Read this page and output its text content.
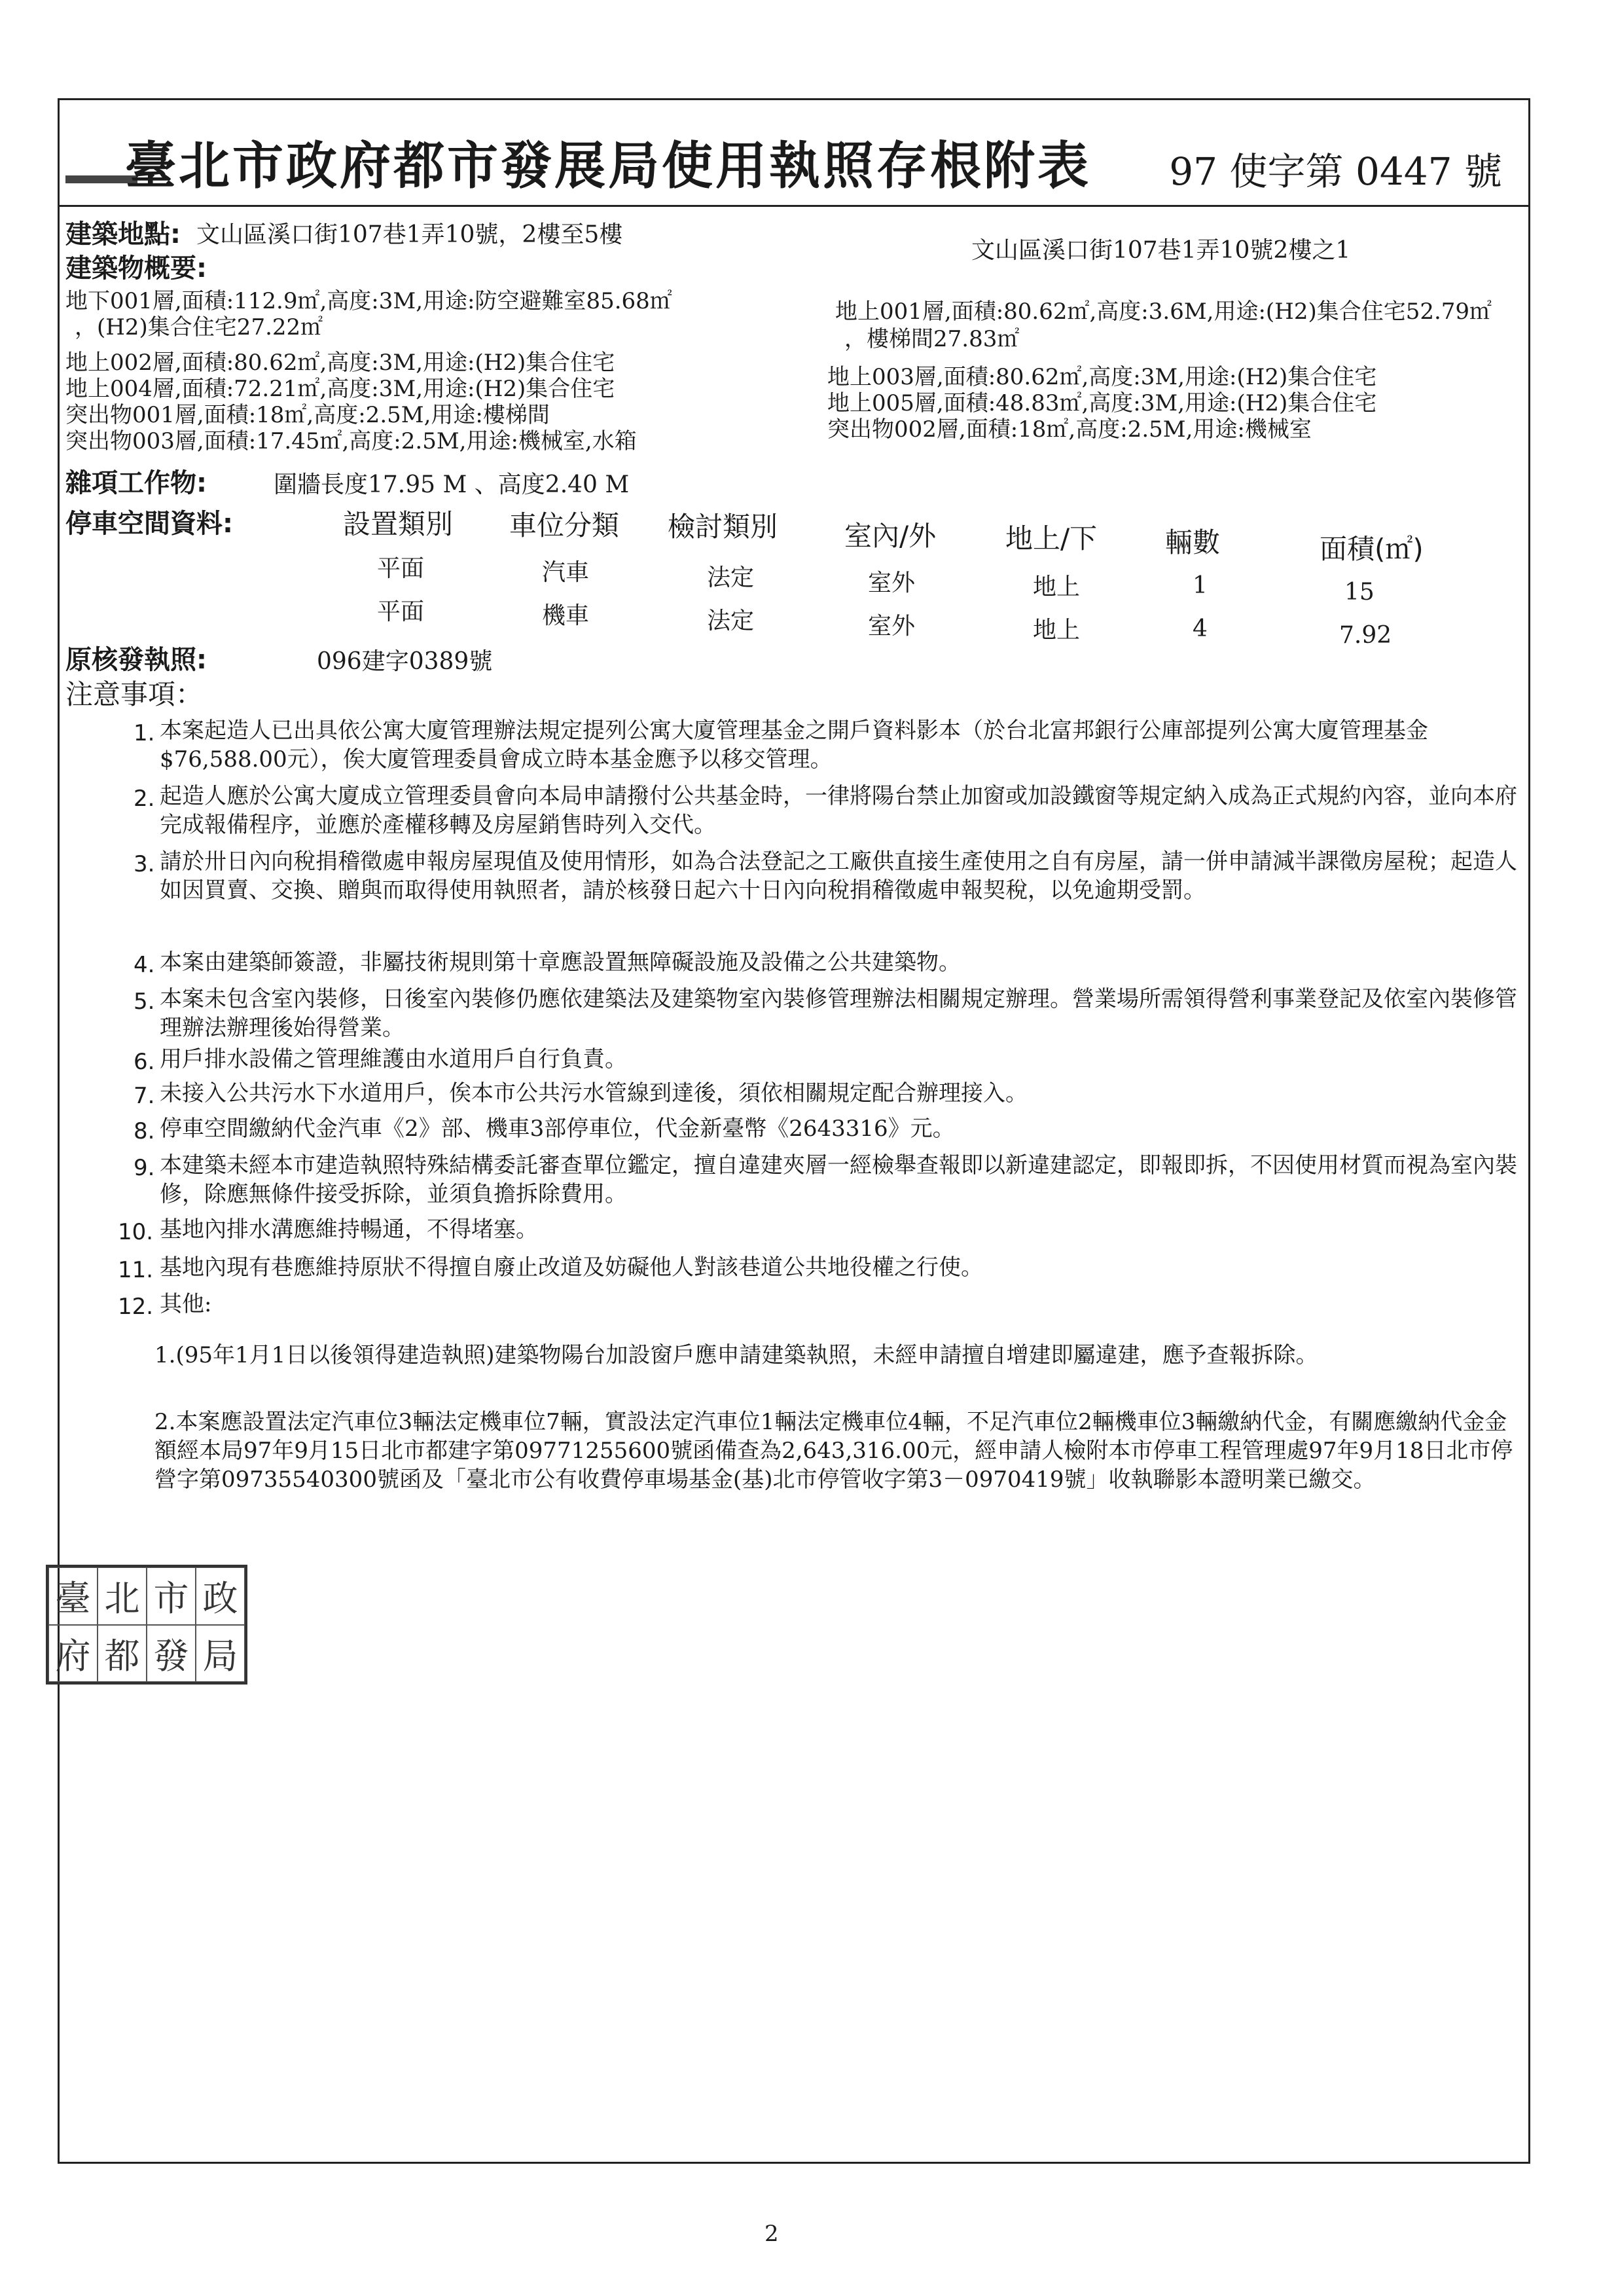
臺北市政府都市發展局使用執照存根附表 97 使字第 0447 號
建築地點: 文山區溪口街107巷1弄10號，2樓至5樓
文山區溪口街107巷1弄10號2樓之1
建築物概要:
地下001層,面積:112.9㎡,高度:3M,用途:防空避難室85.68㎡
，(H2)集合住宅27.22㎡
地上002層,面積:80.62㎡,高度:3M,用途:(H2)集合住宅
地上004層,面積:72.21㎡,高度:3M,用途:(H2)集合住宅
突出物001層,面積:18㎡,高度:2.5M,用途:樓梯間
突出物003層,面積:17.45㎡,高度:2.5M,用途:機械室,水箱
地上001層,面積:80.62㎡,高度:3.6M,用途:(H2)集合住宅52.79㎡
，樓梯間27.83㎡
地上003層,面積:80.62㎡,高度:3M,用途:(H2)集合住宅
地上005層,面積:48.83㎡,高度:3M,用途:(H2)集合住宅
突出物002層,面積:18㎡,高度:2.5M,用途:機械室
雜項工作物:	圍牆長度17.95 M 、高度2.40 M
停車空間資料:	設置類別 車位分類 檢討類別 室內/外	地上/下 輛數	面積(㎡)
平面	汽車	法定	室外	地上	1	15
平面	機車	法定	室外	地上	4	7.92
原核發執照:	096建字0389號
注意事項：
1. 本案起造人已出具依公寓大廈管理辦法規定提列公寓大廈管理基金之開戶資料影本（於台北富邦銀行公庫部提列公寓大廈管理基金$76,588.00元），俟大廈管理委員會成立時本基金應予以移交管理。
2. 起造人應於公寓大廈成立管理委員會向本局申請撥付公共基金時，一律將陽台禁止加窗或加設鐵窗等規定納入成為正式規約內容，並向本府完成報備程序，並應於產權移轉及房屋銷售時列入交代。
3. 請於卅日內向稅捐稽徵處申報房屋現值及使用情形，如為合法登記之工廠供直接生產使用之自有房屋，請一併申請減半課徵房屋稅；起造人如因買賣、交換、贈與而取得使用執照者，請於核發日起六十日內向稅捐稽徵處申報契稅，以免逾期受罰。
4. 本案由建築師簽證，非屬技術規則第十章應設置無障礙設施及設備之公共建築物。
5. 本案未包含室內裝修，日後室內裝修仍應依建築法及建築物室內裝修管理辦法相關規定辦理。營業場所需領得營利事業登記及依室內裝修管理辦法辦理後始得營業。
6. 用戶排水設備之管理維護由水道用戶自行負責。
7. 未接入公共污水下水道用戶，俟本市公共污水管線到達後，須依相關規定配合辦理接入。
8. 停車空間繳納代金汽車《2》部、機車3部停車位，代金新臺幣《2643316》元。
9. 本建築未經本市建造執照特殊結構委託審查單位鑑定，擅自違建夾層一經檢舉查報即以新違建認定，即報即拆，不因使用材質而視為室內裝修，除應無條件接受拆除，並須負擔拆除費用。
10. 基地內排水溝應維持暢通，不得堵塞。
11. 基地內現有巷應維持原狀不得擅自廢止改道及妨礙他人對該巷道公共地役權之行使。
12. 其他:
1.(95年1月1日以後領得建造執照)建築物陽台加設窗戶應申請建築執照，未經申請擅自增建即屬違建，應予查報拆除。
2.本案應設置法定汽車位3輛法定機車位7輛，實設法定汽車位1輛法定機車位4輛，不足汽車位2輛機車位3輛繳納代金，有關應繳納代金金額經本局97年9月15日北市都建字第09771255600號函備查為2,643,316.00元，經申請人檢附本市停車工程管理處97年9月18日北市停營字第09735540300號函及「臺北市公有收費停車場基金(基)北市停管收字第3－0970419號」收執聯影本證明業已繳交。
臺 北 市 政
府 都 發 局
2
